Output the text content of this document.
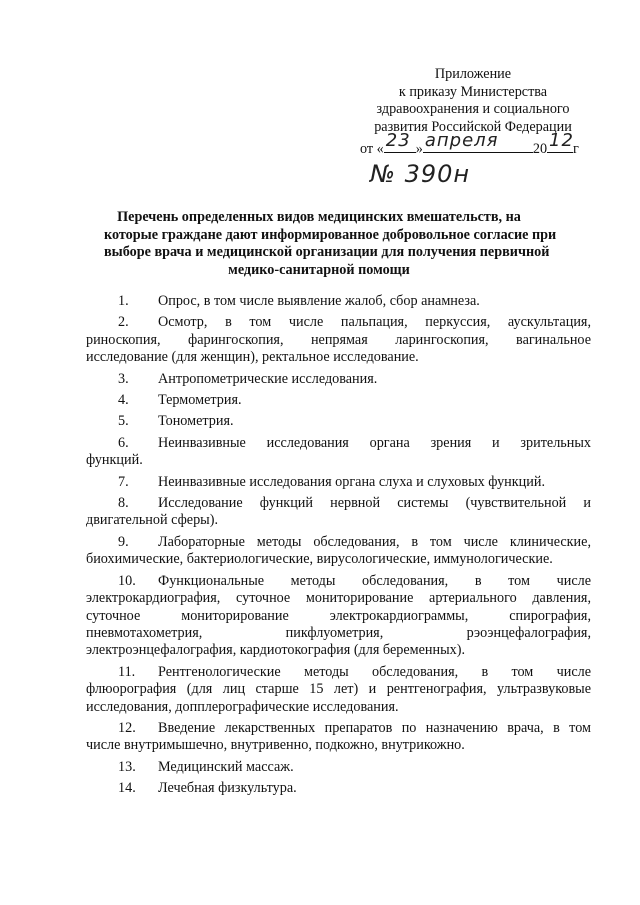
Приложение
к приказу Министерства
здравоохранения и социального
развития Российской Федерации
от « 23 » апреля 20 12 г
№ 390н
Перечень определенных видов медицинских вмешательств, на
которые граждане дают информированное добровольное согласие при
выборе врача и медицинской организации для получения первичной
медико-санитарной помощи
1. Опрос, в том числе выявление жалоб, сбор анамнеза.
2. Осмотр, в том числе пальпация, перкуссия, аускультация,
риноскопия, фарингоскопия, непрямая ларингоскопия, вагинальное
исследование (для женщин), ректальное исследование.
3. Антропометрические исследования.
4. Термометрия.
5. Тонометрия.
6. Неинвазивные исследования органа зрения и зрительных
функций.
7. Неинвазивные исследования органа слуха и слуховых функций.
8. Исследование функций нервной системы (чувствительной и
двигательной сферы).
9. Лабораторные методы обследования, в том числе клинические,
биохимические, бактериологические, вирусологические, иммунологические.
10. Функциональные методы обследования, в том числе
электрокардиография, суточное мониторирование артериального давления,
суточное мониторирование электрокардиограммы, спирография,
пневмотахометрия, пикфлуометрия, рэоэнцефалография,
электроэнцефалография, кардиотокография (для беременных).
11. Рентгенологические методы обследования, в том числе
флюорография (для лиц старше 15 лет) и рентгенография, ультразвуковые
исследования, допплерографические исследования.
12. Введение лекарственных препаратов по назначению врача, в том
числе внутримышечно, внутривенно, подкожно, внутрикожно.
13. Медицинский массаж.
14. Лечебная физкультура.
